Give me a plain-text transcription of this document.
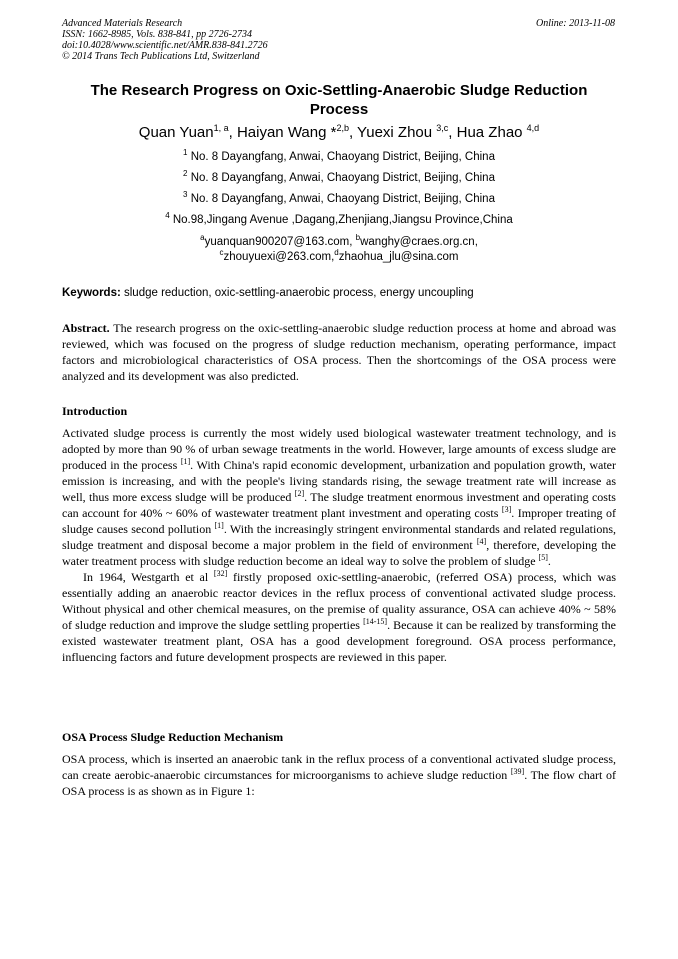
Advanced Materials Research
ISSN: 1662-8985, Vols. 838-841, pp 2726-2734
doi:10.4028/www.scientific.net/AMR.838-841.2726
© 2014 Trans Tech Publications Ltd, Switzerland
Online: 2013-11-08
The Research Progress on Oxic-Settling-Anaerobic Sludge Reduction Process
Quan Yuan$^{1, a}$, Haiyan Wang *$^{2,b}$, Yuexi Zhou $^{3,c}$, Hua Zhao $^{4,d}$
$^1$ No. 8 Dayangfang, Anwai, Chaoyang District, Beijing, China
$^2$ No. 8 Dayangfang, Anwai, Chaoyang District, Beijing, China
$^3$ No. 8 Dayangfang, Anwai, Chaoyang District, Beijing, China
$^4$ No.98,Jingang Avenue ,Dagang,Zhenjiang,Jiangsu Province,China
$^a$yuanquan900207@163.com, $^b$wanghy@craes.org.cn,
$^c$zhouyuexi@263.com,$^d$zhaohua_jlu@sina.com
Keywords: sludge reduction, oxic-settling-anaerobic process, energy uncoupling
Abstract. The research progress on the oxic-settling-anaerobic sludge reduction process at home and abroad was reviewed, which was focused on the progress of sludge reduction mechanism, operating performance, impact factors and microbiological characteristics of OSA process. Then the shortcomings of the OSA process were analyzed and its development was also predicted.
Introduction

Activated sludge process is currently the most widely used biological wastewater treatment technology, and is adopted by more than 90 % of urban sewage treatments in the world. However, large amounts of excess sludge are produced in the process [1]. With China's rapid economic development, urbanization and population growth, water emission is increasing, and with the people's living standards rising, the sewage treatment rate will increase as well, thus more excess sludge will be produced [2]. The sludge treatment enormous investment and operating costs can account for 40% ~ 60% of wastewater treatment plant investment and operating costs [3]. Improper treating of sludge causes second pollution [1]. With the increasingly stringent environmental standards and related regulations, sludge treatment and disposal become a major problem in the field of environment [4], therefore, developing the water treatment process with sludge reduction become an ideal way to solve the problem of sludge [5].

In 1964, Westgarth et al [32] firstly proposed oxic-settling-anaerobic, (referred OSA) process, which was essentially adding an anaerobic reactor devices in the reflux process of conventional activated sludge process. Without physical and other chemical measures, on the premise of quality assurance, OSA can achieve 40% ~ 58% of sludge reduction and improve the sludge settling properties [14-15]. Because it can be realized by transforming the existed wastewater treatment plant, OSA has a good development foreground. OSA process performance, influencing factors and future development prospects are reviewed in this paper.

OSA Process Sludge Reduction Mechanism

OSA process, which is inserted an anaerobic tank in the reflux process of a conventional activated sludge process, can create aerobic-anaerobic circumstances for microorganisms to achieve sludge reduction [39]. The flow chart of OSA process is as shown as in Figure 1:
